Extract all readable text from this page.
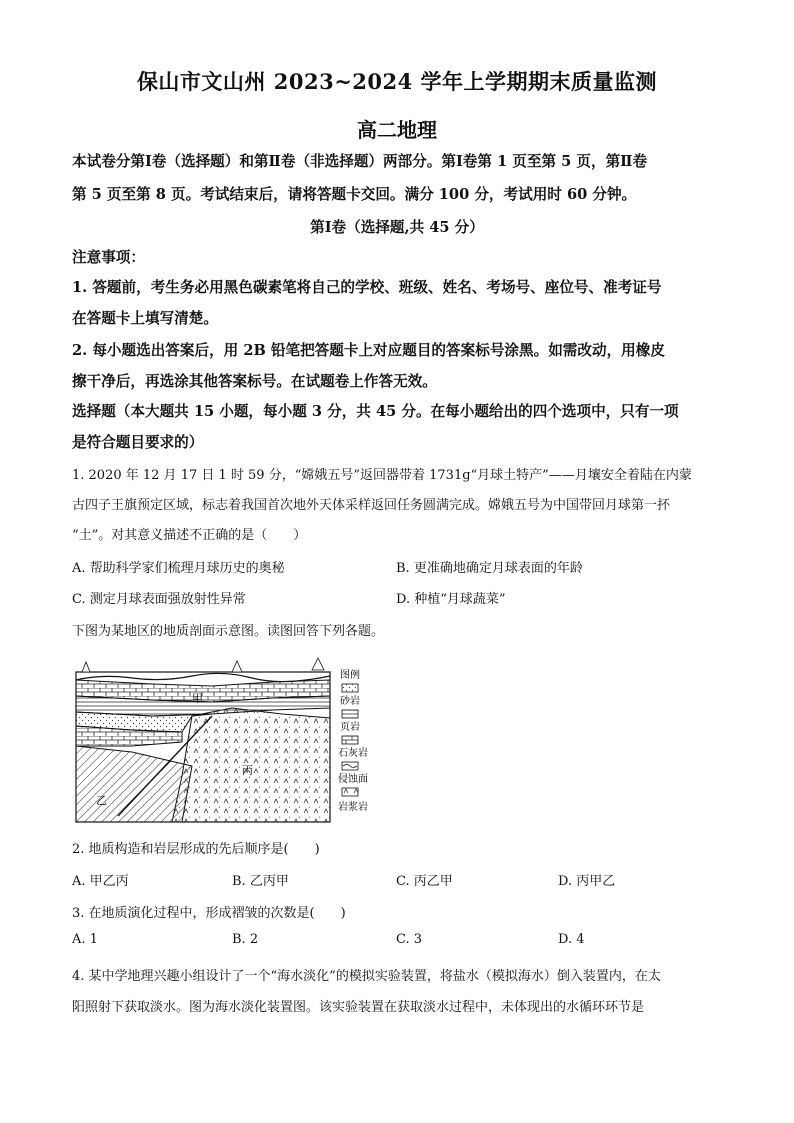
保山市文山州 2023~2024 学年上学期期末质量监测
高二地理
本试卷分第Ⅰ卷（选择题）和第Ⅱ卷（非选择题）两部分。第Ⅰ卷第 1 页至第 5 页，第Ⅱ卷
第 5 页至第 8 页。考试结束后，请将答题卡交回。满分 100 分，考试用时 60 分钟。
第Ⅰ卷（选择题,共 45 分）
注意事项：
1. 答题前，考生务必用黑色碳素笔将自己的学校、班级、姓名、考场号、座位号、准考证号
在答题卡上填写清楚。
2. 每小题选出答案后，用 2B 铅笔把答题卡上对应题目的答案标号涂黑。如需改动，用橡皮
擦干净后，再选涂其他答案标号。在试题卷上作答无效。
选择题（本大题共 15 小题，每小题 3 分，共 45 分。在每小题给出的四个选项中，只有一项
是符合题目要求的）
1. 2020 年 12 月 17 日 1 时 59 分，“嫦娥五号”返回器带着 1731g“月球土特产”——月壤安全着陆在内蒙
古四子王旗预定区域，标志着我国首次地外天体采样返回任务圆满完成。嫦娥五号为中国带回月球第一抔
“土”。对其意义描述不正确的是（　　）
A. 帮助科学家们梳理月球历史的奥秘	B. 更准确地确定月球表面的年龄
C. 测定月球表面强放射性异常	D. 种植“月球蔬菜”
下图为某地区的地质剖面示意图。读图回答下列各题。
甲
乙
丙
图例
砂岩
页岩
石灰岩
侵蚀面
岩浆岩
2. 地质构造和岩层形成的先后顺序是(　　)
A. 甲乙丙	B. 乙丙甲	C. 丙乙甲	D. 丙甲乙
3. 在地质演化过程中，形成褶皱的次数是(　　)
A. 1	B. 2	C. 3	D. 4
4. 某中学地理兴趣小组设计了一个“海水淡化”的模拟实验装置，将盐水（模拟海水）倒入装置内，在太
阳照射下获取淡水。图为海水淡化装置图。该实验装置在获取淡水过程中，未体现出的水循环环节是
